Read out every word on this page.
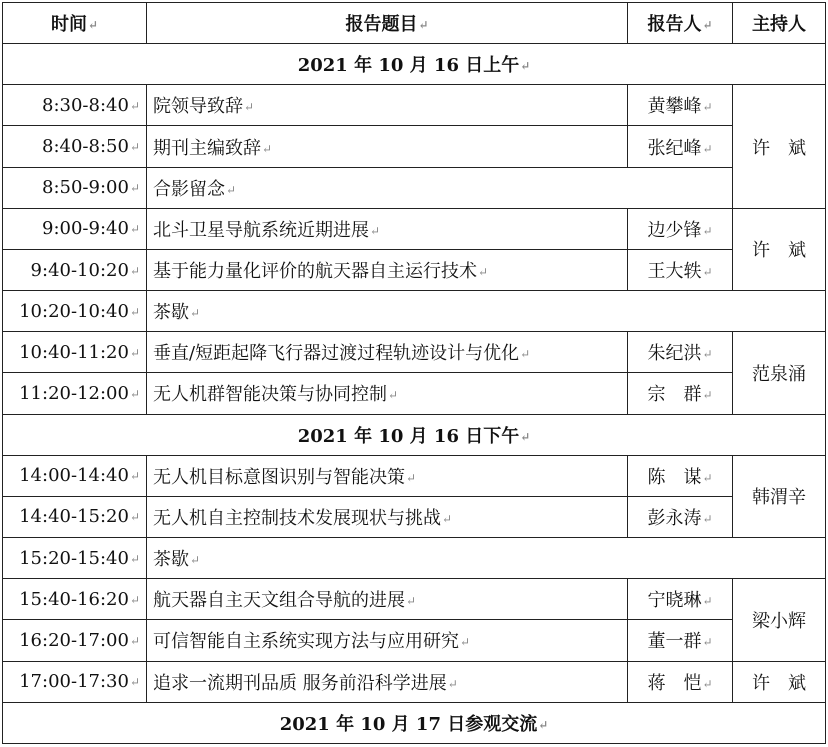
时间 ↵	报告题目 ↵	报告人 ↵	主持人
2021 年 10 月 16 日上午 ↵
8:30-8:40 ↵	院领导致辞 ↵	黄攀峰 ↵	许　斌
8:40-8:50 ↵	期刊主编致辞 ↵	张纪峰 ↵
8:50-9:00 ↵	合影留念 ↵
9:00-9:40 ↵	北斗卫星导航系统近期进展 ↵	边少锋 ↵	许　斌
9:40-10:20 ↵	基于能力量化评价的航天器自主运行技术 ↵	王大轶 ↵
10:20-10:40 ↵	茶歇 ↵
10:40-11:20 ↵	垂直/短距起降飞行器过渡过程轨迹设计与优化 ↵	朱纪洪 ↵	范泉涌
11:20-12:00 ↵	无人机群智能决策与协同控制 ↵	宗　群 ↵
2021 年 10 月 16 日下午 ↵
14:00-14:40 ↵	无人机目标意图识别与智能决策 ↵	陈　谋 ↵	韩渭辛
14:40-15:20 ↵	无人机自主控制技术发展现状与挑战 ↵	彭永涛 ↵
15:20-15:40 ↵	茶歇 ↵
15:40-16:20 ↵	航天器自主天文组合导航的进展 ↵	宁晓琳 ↵	梁小辉
16:20-17:00 ↵	可信智能自主系统实现方法与应用研究 ↵	董一群 ↵
17:00-17:30 ↵	追求一流期刊品质 服务前沿科学进展 ↵	蒋　恺 ↵	许　斌
2021 年 10 月 17 日参观交流 ↵
